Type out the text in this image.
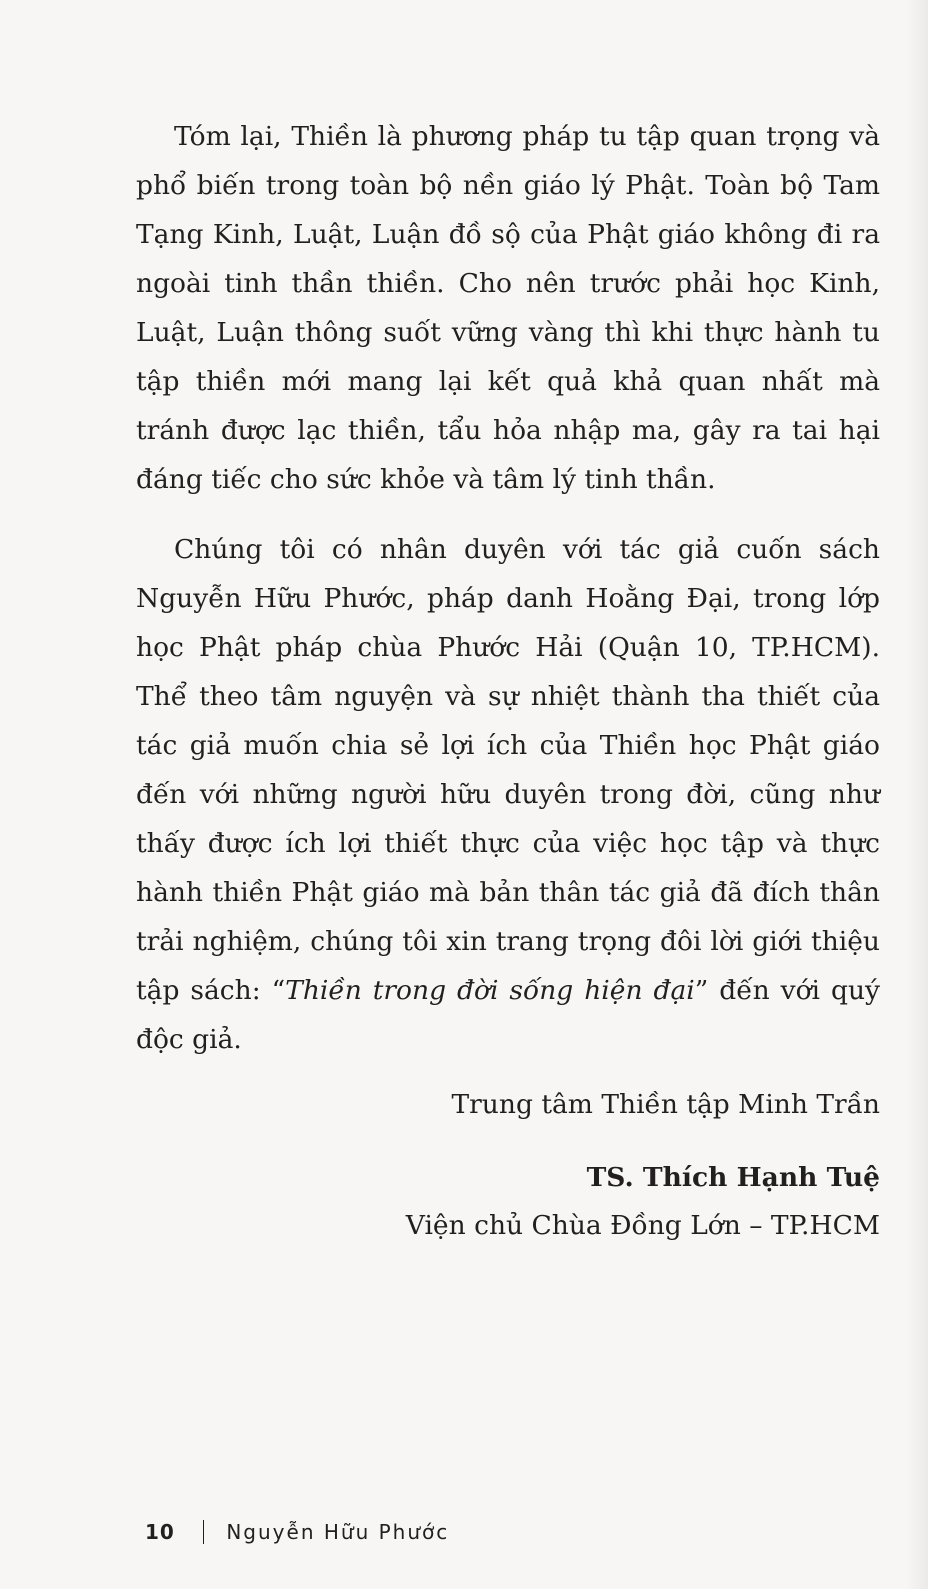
Tóm lại, Thiền là phương pháp tu tập quan trọng và phổ biến trong toàn bộ nền giáo lý Phật. Toàn bộ Tam Tạng Kinh, Luật, Luận đồ sộ của Phật giáo không đi ra ngoài tinh thần thiền. Cho nên trước phải học Kinh, Luật, Luận thông suốt vững vàng thì khi thực hành tu tập thiền mới mang lại kết quả khả quan nhất mà tránh được lạc thiền, tẩu hỏa nhập ma, gây ra tai hại đáng tiếc cho sức khỏe và tâm lý tinh thần.

Chúng tôi có nhân duyên với tác giả cuốn sách Nguyễn Hữu Phước, pháp danh Hoằng Đại, trong lớp học Phật pháp chùa Phước Hải (Quận 10, TP.HCM). Thể theo tâm nguyện và sự nhiệt thành tha thiết của tác giả muốn chia sẻ lợi ích của Thiền học Phật giáo đến với những người hữu duyên trong đời, cũng như thấy được ích lợi thiết thực của việc học tập và thực hành thiền Phật giáo mà bản thân tác giả đã đích thân trải nghiệm, chúng tôi xin trang trọng đôi lời giới thiệu tập sách: “Thiền trong đời sống hiện đại” đến với quý độc giả.

Trung tâm Thiền tập Minh Trần
TS. Thích Hạnh Tuệ
Viện chủ Chùa Đồng Lớn – TP.HCM
10	Nguyễn Hữu Phước
